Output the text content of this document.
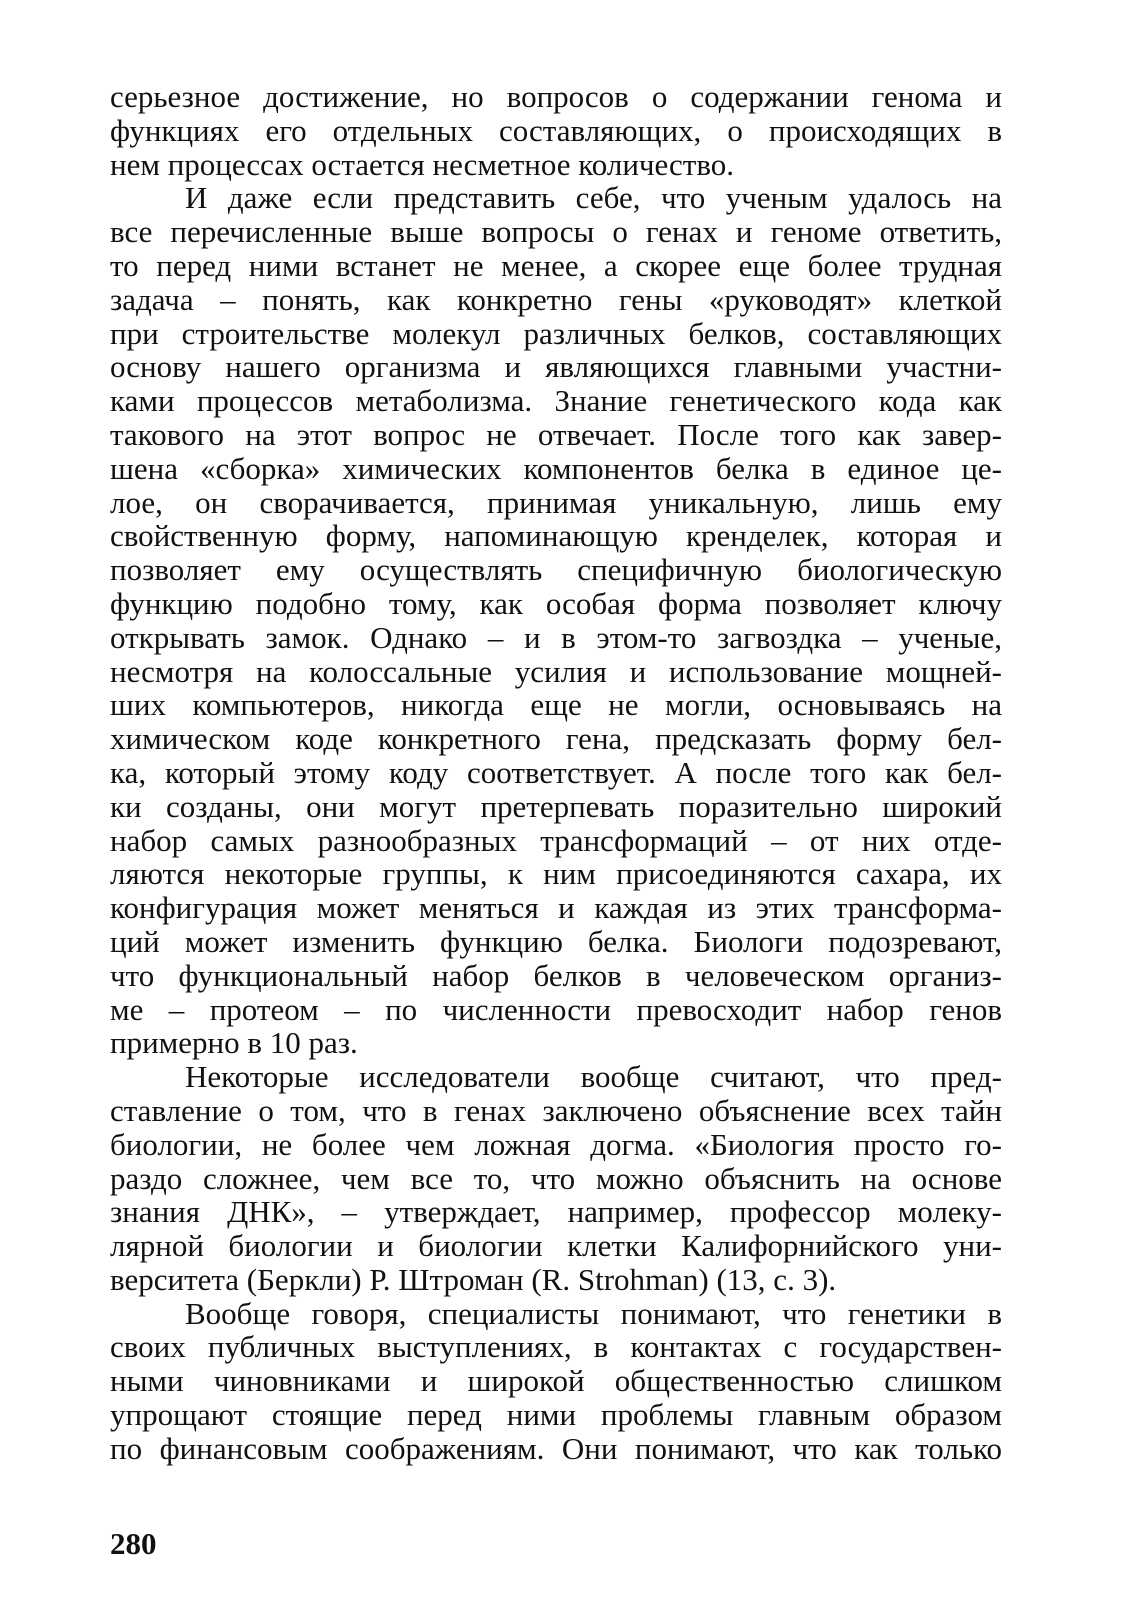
серьезное достижение, но вопросов о содержании генома и
функциях его отдельных составляющих, о происходящих в
нем процессах остается несметное количество.
И даже если представить себе, что ученым удалось на
все перечисленные выше вопросы о генах и геноме ответить,
то перед ними встанет не менее, а скорее еще более трудная
задача – понять, как конкретно гены «руководят» клеткой
при строительстве молекул различных белков, составляющих
основу нашего организма и являющихся главными участни-
ками процессов метаболизма. Знание генетического кода как
такового на этот вопрос не отвечает. После того как завер-
шена «сборка» химических компонентов белка в единое це-
лое, он сворачивается, принимая уникальную, лишь ему
свойственную форму, напоминающую кренделек, которая и
позволяет ему осуществлять специфичную биологическую
функцию подобно тому, как особая форма позволяет ключу
открывать замок. Однако – и в этом-то загвоздка – ученые,
несмотря на колоссальные усилия и использование мощней-
ших компьютеров, никогда еще не могли, основываясь на
химическом коде конкретного гена, предсказать форму бел-
ка, который этому коду соответствует. А после того как бел-
ки созданы, они могут претерпевать поразительно широкий
набор самых разнообразных трансформаций – от них отде-
ляются некоторые группы, к ним присоединяются сахара, их
конфигурация может меняться и каждая из этих трансформа-
ций может изменить функцию белка. Биологи подозревают,
что функциональный набор белков в человеческом организ-
ме – протеом – по численности превосходит набор генов
примерно в 10 раз.
Некоторые исследователи вообще считают, что пред-
ставление о том, что в генах заключено объяснение всех тайн
биологии, не более чем ложная догма. «Биология просто го-
раздо сложнее, чем все то, что можно объяснить на основе
знания ДНК», – утверждает, например, профессор молеку-
лярной биологии и биологии клетки Калифорнийского уни-
верситета (Беркли) Р. Штроман (R. Strohman) (13, с. 3).
Вообще говоря, специалисты понимают, что генетики в
своих публичных выступлениях, в контактах с государствен-
ными чиновниками и широкой общественностью слишком
упрощают стоящие перед ними проблемы главным образом
по финансовым соображениям. Они понимают, что как только
280
